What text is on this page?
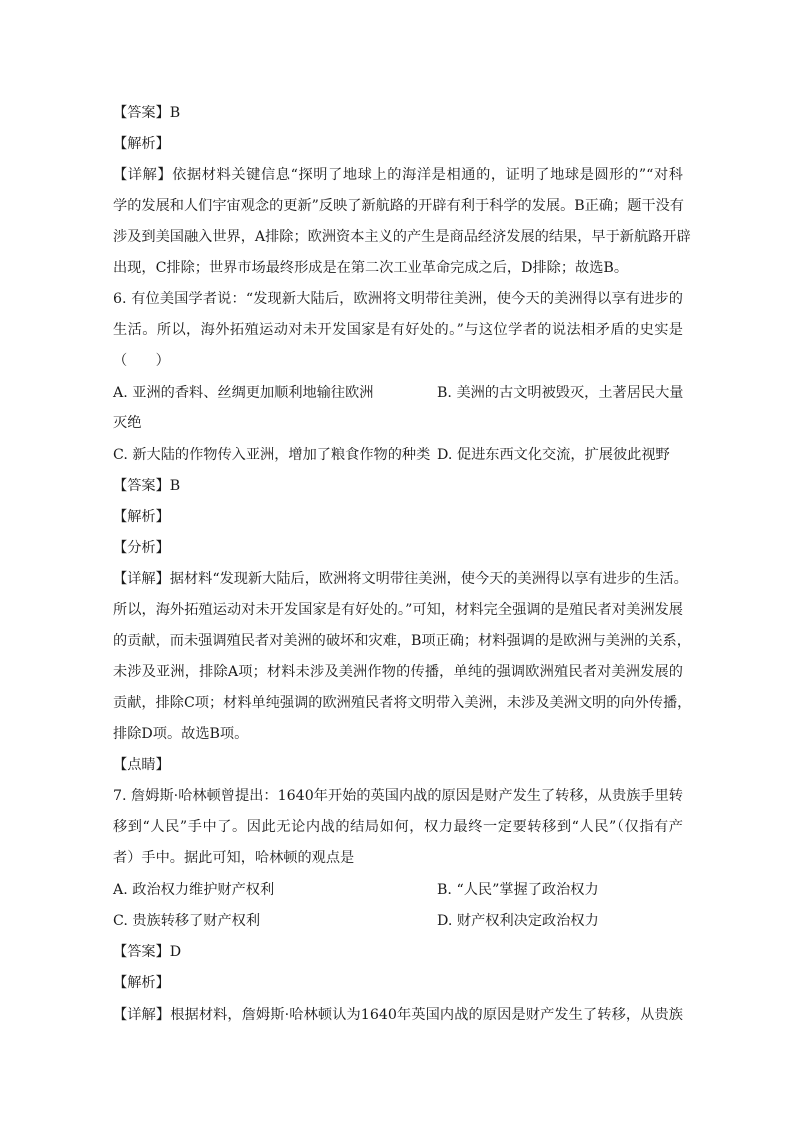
【答案】B
【解析】
【详解】依据材料关键信息“探明了地球上的海洋是相通的，证明了地球是圆形的”“对科
学的发展和人们宇宙观念的更新”反映了新航路的开辟有利于科学的发展。B正确；题干没有
涉及到美国融入世界，A排除；欧洲资本主义的产生是商品经济发展的结果，早于新航路开辟
出现，C排除；世界市场最终形成是在第二次工业革命完成之后，D排除；故选B。
6. 有位美国学者说：“发现新大陆后，欧洲将文明带往美洲，使今天的美洲得以享有进步的
生活。所以，海外拓殖运动对未开发国家是有好处的。”与这位学者的说法相矛盾的史实是
（　　）
A. 亚洲的香料、丝绸更加顺利地输往欧洲	B. 美洲的古文明被毁灭，土著居民大量
灭绝
C. 新大陆的作物传入亚洲，增加了粮食作物的种类 D. 促进东西文化交流，扩展彼此视野
【答案】B
【解析】
【分析】
【详解】据材料“发现新大陆后，欧洲将文明带往美洲，使今天的美洲得以享有进步的生活。
所以，海外拓殖运动对未开发国家是有好处的。”可知，材料完全强调的是殖民者对美洲发展
的贡献，而未强调殖民者对美洲的破坏和灾难，B项正确；材料强调的是欧洲与美洲的关系，
未涉及亚洲，排除A项；材料未涉及美洲作物的传播，单纯的强调欧洲殖民者对美洲发展的
贡献，排除C项；材料单纯强调的欧洲殖民者将文明带入美洲，未涉及美洲文明的向外传播，
排除D项。故选B项。
【点睛】
7. 詹姆斯·哈林顿曾提出：1640年开始的英国内战的原因是财产发生了转移，从贵族手里转
移到“人民”手中了。因此无论内战的结局如何，权力最终一定要转移到“人民”（仅指有产
者）手中。据此可知，哈林顿的观点是
A. 政治权力维护财产权利	B. “人民”掌握了政治权力
C. 贵族转移了财产权利	D. 财产权利决定政治权力
【答案】D
【解析】
【详解】根据材料，詹姆斯·哈林顿认为1640年英国内战的原因是财产发生了转移，从贵族
